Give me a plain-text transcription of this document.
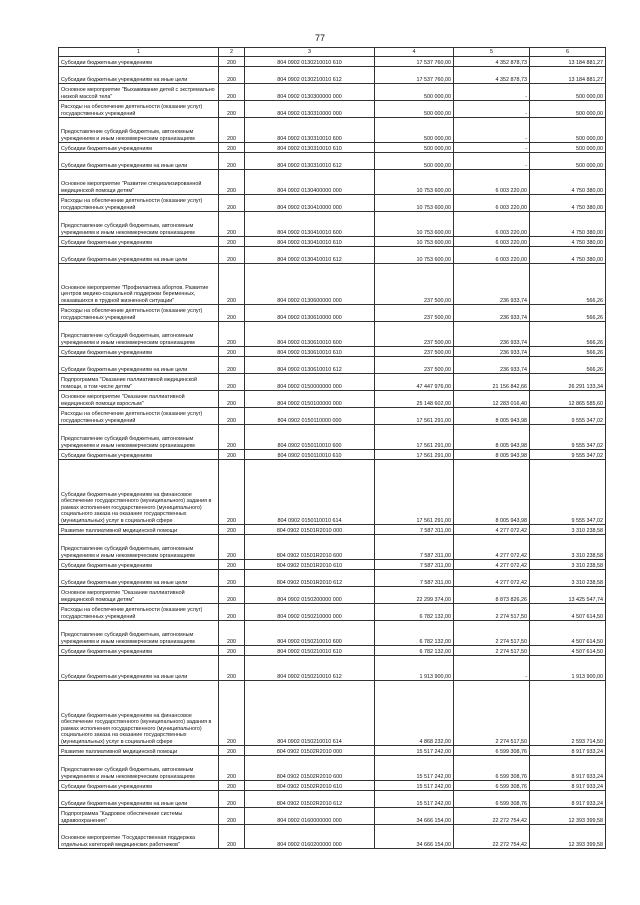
77
1	2	3	4	5	6
Субсидии бюджетным учреждениям	200	804 0902 0130210010 610	17 537 760,00	4 352 878,73	13 184 881,27
Субсидии бюджетным учреждениям на иные цели	200	804 0902 0130210010 612	17 537 760,00	4 352 878,73	13 184 881,27
Основное мероприятие "Выхаживание детей с экстремально низкой массой тела"	200	804 0902 0130300000 000	500 000,00	-	500 000,00
Расходы на обеспечение деятельности (оказание услуг) государственных учреждений	200	804 0902 0130310000 000	500 000,00	-	500 000,00
Предоставление субсидий бюджетным, автономным учреждениям и иным некоммерческим организациям	200	804 0902 0130310010 600	500 000,00	-	500 000,00
Субсидии бюджетным учреждениям	200	804 0902 0130310010 610	500 000,00	-	500 000,00
Субсидии бюджетным учреждениям на иные цели	200	804 0902 0130310010 612	500 000,00	-	500 000,00
Основное мероприятие "Развитие специализированной медицинской помощи детям"	200	804 0902 0130400000 000	10 753 600,00	6 003 220,00	4 750 380,00
Расходы на обеспечение деятельности (оказание услуг) государственных учреждений	200	804 0902 0130410000 000	10 753 600,00	6 003 220,00	4 750 380,00
Предоставление субсидий бюджетным, автономным учреждениям и иным некоммерческим организациям	200	804 0902 0130410010 600	10 753 600,00	6 003 220,00	4 750 380,00
Субсидии бюджетным учреждениям	200	804 0902 0130410010 610	10 753 600,00	6 003 220,00	4 750 380,00
Субсидии бюджетным учреждениям на иные цели	200	804 0902 0130410010 612	10 753 600,00	6 003 220,00	4 750 380,00
Основное мероприятие "Профилактика абортов. Развитие центров медико-социальной поддержки беременных, оказавшихся в трудной жизненной ситуации"	200	804 0902 0130600000 000	237 500,00	236 933,74	566,26
Расходы на обеспечение деятельности (оказание услуг) государственных учреждений	200	804 0902 0130610000 000	237 500,00	236 933,74	566,26
Предоставление субсидий бюджетным, автономным учреждениям и иным некоммерческим организациям	200	804 0902 0130610010 600	237 500,00	236 933,74	566,26
Субсидии бюджетным учреждениям	200	804 0902 0130610010 610	237 500,00	236 933,74	566,26
Субсидии бюджетным учреждениям на иные цели	200	804 0902 0130610010 612	237 500,00	236 933,74	566,26
Подпрограмма "Оказание паллиативной медицинской помощи, в том числе детям"	200	804 0902 0150000000 000	47 447 976,00	21 156 842,66	26 291 133,34
Основное мероприятие "Оказание паллиативной медицинской помощи взрослым"	200	804 0902 0150100000 000	25 148 602,00	12 283 016,40	12 865 585,60
Расходы на обеспечение деятельности (оказание услуг) государственных учреждений	200	804 0902 0150110000 000	17 561 291,00	8 005 943,98	9 555 347,02
Предоставление субсидий бюджетным, автономным учреждениям и иным некоммерческим организациям	200	804 0902 0150110010 600	17 561 291,00	8 005 943,98	9 555 347,02
Субсидии бюджетным учреждениям	200	804 0902 0150110010 610	17 561 291,00	8 005 943,98	9 555 347,02
Субсидии бюджетным учреждениям на финансовое обеспечение государственного (муниципального) задания в рамках исполнения государственного (муниципального) социального заказа на оказание государственных (муниципальных) услуг в социальной сфере	200	804 0902 0150110010 614	17 561 291,00	8 005 943,98	9 555 347,02
Развитие паллиативной медицинской помощи	200	804 0902 01501R2010 000	7 587 311,00	4 277 072,42	3 310 238,58
Предоставление субсидий бюджетным, автономным учреждениям и иным некоммерческим организациям	200	804 0902 01501R2010 600	7 587 311,00	4 277 072,42	3 310 238,58
Субсидии бюджетным учреждениям	200	804 0902 01501R2010 610	7 587 311,00	4 277 072,42	3 310 238,58
Субсидии бюджетным учреждениям на иные цели	200	804 0902 01501R2010 612	7 587 311,00	4 277 072,42	3 310 238,58
Основное мероприятие "Оказание паллиативной медицинской помощи детям"	200	804 0902 0150200000 000	22 299 374,00	8 873 826,26	13 425 547,74
Расходы на обеспечение деятельности (оказание услуг) государственных учреждений	200	804 0902 0150210000 000	6 782 132,00	2 274 517,50	4 507 614,50
Предоставление субсидий бюджетным, автономным учреждениям и иным некоммерческим организациям	200	804 0902 0150210010 600	6 782 132,00	2 274 517,50	4 507 614,50
Субсидии бюджетным учреждениям	200	804 0902 0150210010 610	6 782 132,00	2 274 517,50	4 507 614,50
Субсидии бюджетным учреждениям на иные цели	200	804 0902 0150210010 612	1 913 900,00	-	1 913 900,00
Субсидии бюджетным учреждениям на финансовое обеспечение государственного (муниципального) задания в рамках исполнения государственного (муниципального) социального заказа на оказание государственных (муниципальных) услуг в социальной сфере	200	804 0902 0150210010 614	4 868 232,00	2 274 517,50	2 593 714,50
Развитие паллиативной медицинской помощи	200	804 0902 01502R2010 000	15 517 242,00	6 599 308,76	8 917 933,24
Предоставление субсидий бюджетным, автономным учреждениям и иным некоммерческим организациям	200	804 0902 01502R2010 600	15 517 242,00	6 599 308,76	8 917 933,24
Субсидии бюджетным учреждениям	200	804 0902 01502R2010 610	15 517 242,00	6 599 308,76	8 917 933,24
Субсидии бюджетным учреждениям на иные цели	200	804 0902 01502R2010 612	15 517 242,00	6 599 308,76	8 917 933,24
Подпрограмма "Кадровое обеспечение системы здравоохранения"	200	804 0902 0160000000 000	34 666 154,00	22 272 754,42	12 393 399,58
Основное мероприятие "Государственная поддержка отдельных категорий медицинских работников"	200	804 0902 0160200000 000	34 666 154,00	22 272 754,42	12 393 399,58
